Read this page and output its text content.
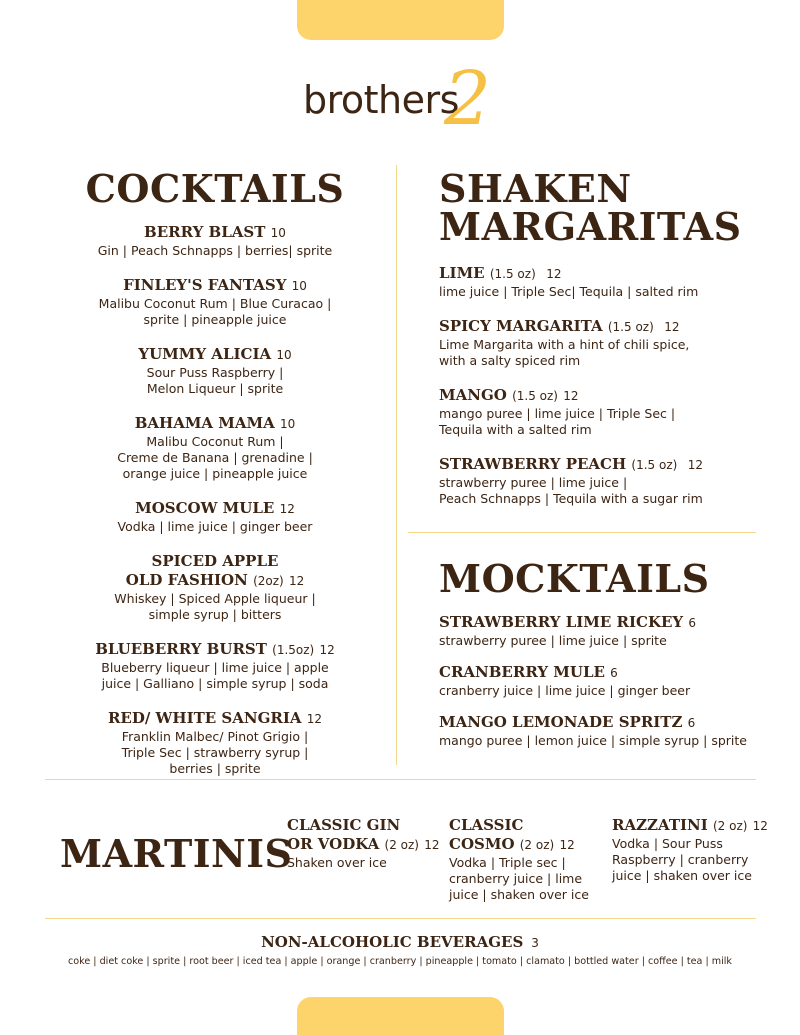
brothers
2
COCKTAILS
BERRY BLAST 10
Gin | Peach Schnapps | berries| sprite
FINLEY'S FANTASY 10
Malibu Coconut Rum | Blue Curacao |
sprite | pineapple juice
YUMMY ALICIA 10
Sour Puss Raspberry |
Melon Liqueur | sprite
BAHAMA MAMA 10
Malibu Coconut Rum |
Creme de Banana | grenadine |
orange juice | pineapple juice
MOSCOW MULE 12
Vodka | lime juice | ginger beer
SPICED APPLE
OLD FASHION (2oz) 12
Whiskey | Spiced Apple liqueur |
simple syrup | bitters
BLUEBERRY BURST (1.5oz) 12
Blueberry liqueur | lime juice | apple
juice | Galliano | simple syrup | soda
RED/ WHITE SANGRIA 12
Franklin Malbec/ Pinot Grigio |
Triple Sec | strawberry syrup |
berries | sprite
SHAKEN
MARGARITAS
LIME (1.5 oz) 12
lime juice | Triple Sec| Tequila | salted rim
SPICY MARGARITA (1.5 oz) 12
Lime Margarita with a hint of chili spice,
with a salty spiced rim
MANGO (1.5 oz) 12
mango puree | lime juice | Triple Sec |
Tequila with a salted rim
STRAWBERRY PEACH (1.5 oz) 12
strawberry puree | lime juice |
Peach Schnapps | Tequila with a sugar rim
MOCKTAILS
STRAWBERRY LIME RICKEY 6
strawberry puree | lime juice | sprite
CRANBERRY MULE 6
cranberry juice | lime juice | ginger beer
MANGO LEMONADE SPRITZ 6
mango puree | lemon juice | simple syrup | sprite
MARTINIS
CLASSIC GIN
OR VODKA (2 oz) 12
Shaken over ice
CLASSIC
COSMO (2 oz) 12
Vodka | Triple sec |
cranberry juice | lime
juice | shaken over ice
RAZZATINI (2 oz) 12
Vodka | Sour Puss
Raspberry | cranberry
juice | shaken over ice
NON-ALCOHOLIC BEVERAGES 3
coke | diet coke | sprite | root beer | iced tea | apple | orange | cranberry | pineapple | tomato | clamato | bottled water | coffee | tea | milk
